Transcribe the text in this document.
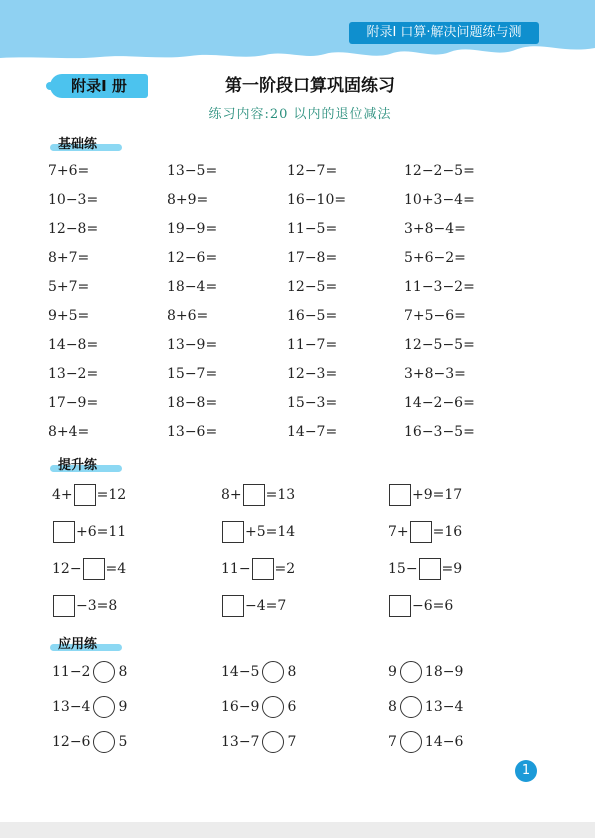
附录Ⅰ 口算·解决问题练与测
附录Ⅰ 册	第一阶段口算巩固练习
练习内容:20 以内的退位减法
基础练
7+6=	13−5=	12−7=	12−2−5=
10−3=	8+9=	16−10=	10+3−4=
12−8=	19−9=	11−5=	3+8−4=
8+7=	12−6=	17−8=	5+6−2=
5+7=	18−4=	12−5=	11−3−2=
9+5=	8+6=	16−5=	7+5−6=
14−8=	13−9=	11−7=	12−5−5=
13−2=	15−7=	12−3=	3+8−3=
17−9=	18−8=	15−3=	14−2−6=
8+4=	13−6=	14−7=	16−3−5=
提升练
4+ =12	8+ =13	+9=17
+6=11	+5=14	7+ =16
12− =4	11− =2	15− =9
−3=8	−4=7	−6=6
应用练
11−2 8	14−5 8	9 18−9
13−4 9	16−9 6	8 13−4
12−6 5	13−7 7	7 14−6
1
